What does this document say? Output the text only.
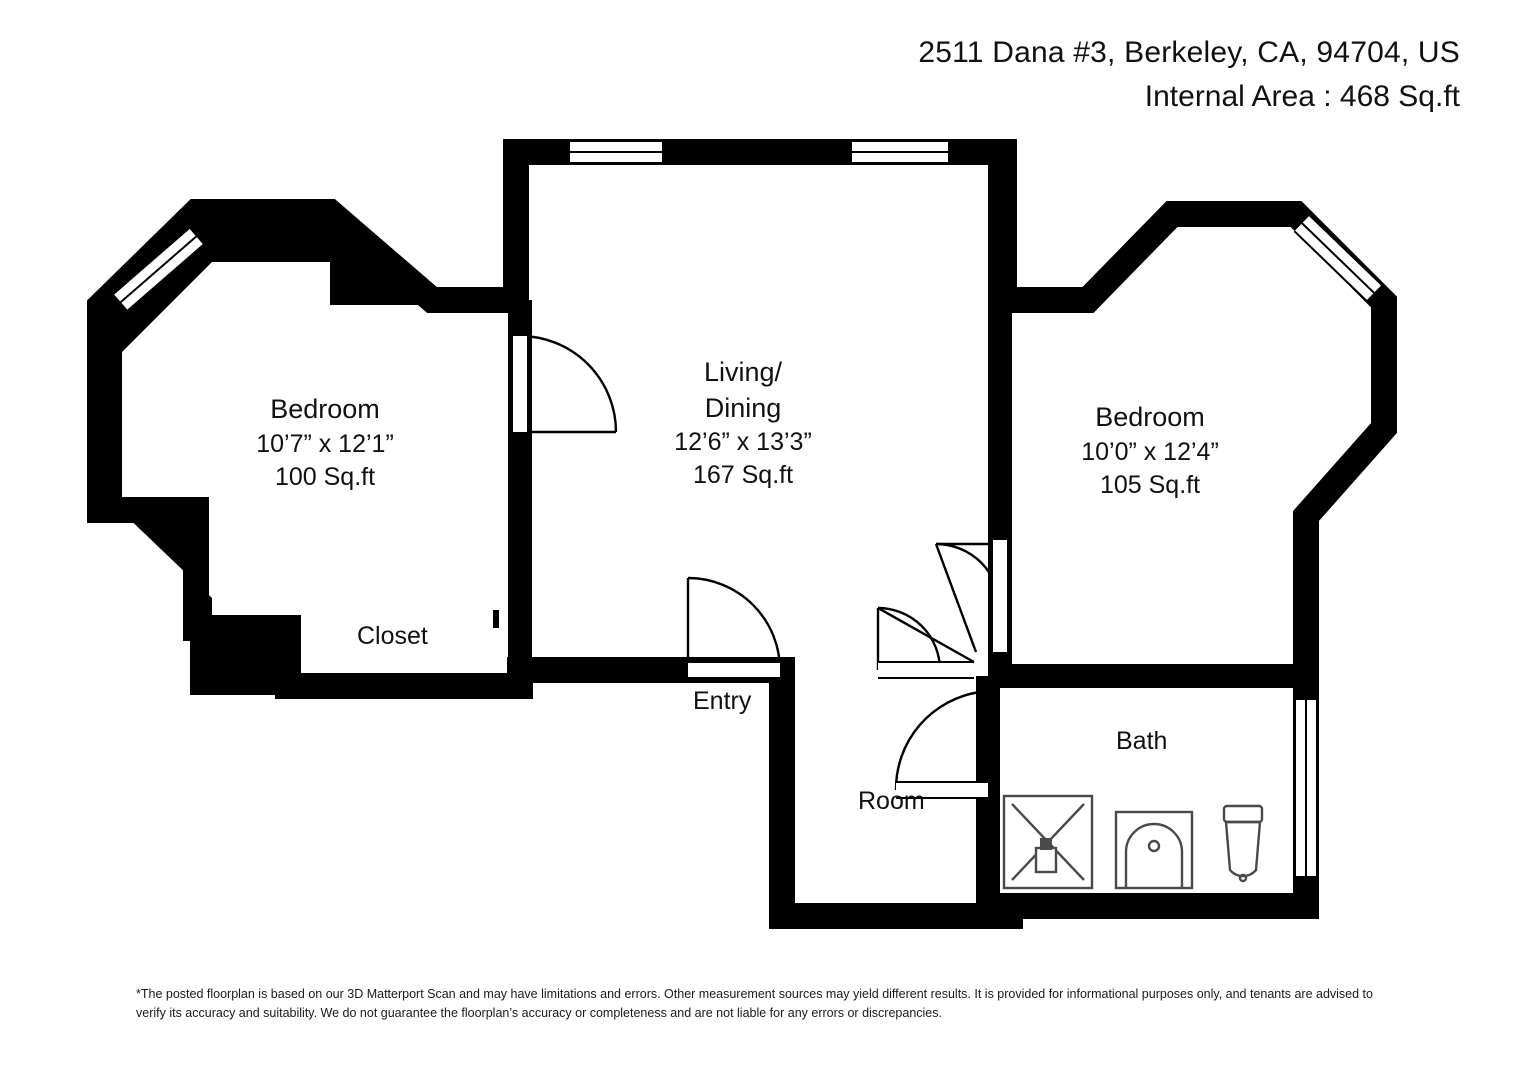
2511 Dana #3, Berkeley, CA, 94704, US
Internal Area : 468 Sq.ft
Bedroom
10’7” x 12’1”
100 Sq.ft
Living/
Dining
12’6” x 13’3”
167 Sq.ft
Bedroom
10’0” x 12’4”
105 Sq.ft
Closet
Entry
Room
Bath
*The posted floorplan is based on our 3D Matterport Scan and may have limitations and errors. Other measurement sources may yield different results. It is provided for informational purposes only, and tenants are advised to verify its accuracy and suitability. We do not guarantee the floorplan’s accuracy or completeness and are not liable for any errors or discrepancies.
